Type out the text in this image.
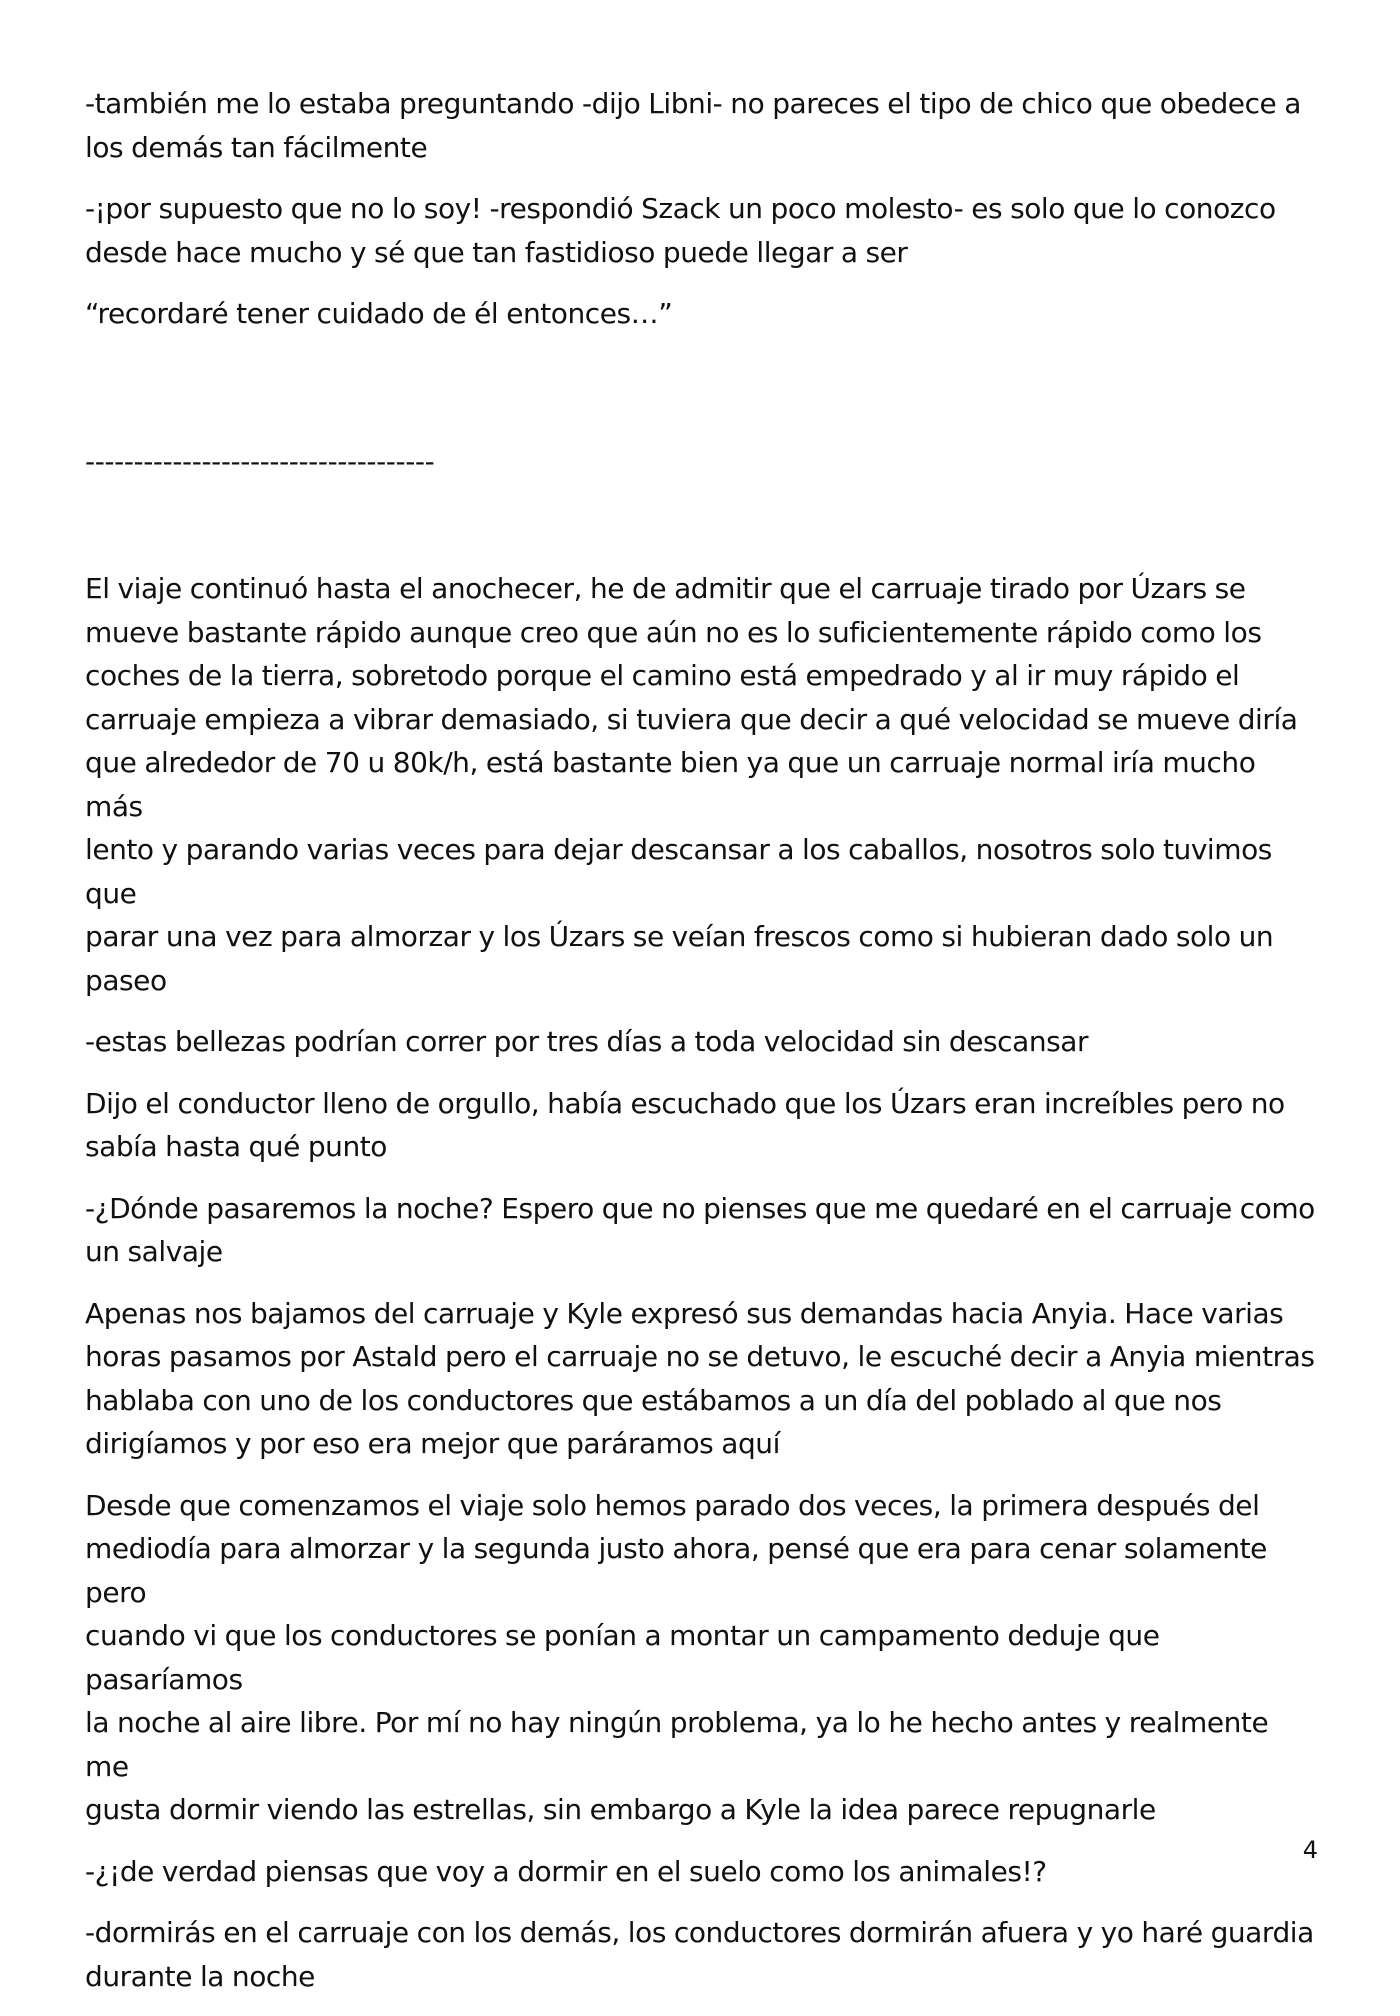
-también me lo estaba preguntando -dijo Libni- no pareces el tipo de chico que obedece a
los demás tan fácilmente

-¡por supuesto que no lo soy! -respondió Szack un poco molesto- es solo que lo conozco
desde hace mucho y sé que tan fastidioso puede llegar a ser

“recordaré tener cuidado de él entonces…”

------------------------------------

El viaje continuó hasta el anochecer, he de admitir que el carruaje tirado por Úzars se
mueve bastante rápido aunque creo que aún no es lo suficientemente rápido como los
coches de la tierra, sobretodo porque el camino está empedrado y al ir muy rápido el
carruaje empieza a vibrar demasiado, si tuviera que decir a qué velocidad se mueve diría
que alrededor de 70 u 80k/h, está bastante bien ya que un carruaje normal iría mucho más
lento y parando varias veces para dejar descansar a los caballos, nosotros solo tuvimos que
parar una vez para almorzar y los Úzars se veían frescos como si hubieran dado solo un
paseo

-estas bellezas podrían correr por tres días a toda velocidad sin descansar

Dijo el conductor lleno de orgullo, había escuchado que los Úzars eran increíbles pero no
sabía hasta qué punto

-¿Dónde pasaremos la noche? Espero que no pienses que me quedaré en el carruaje como
un salvaje

Apenas nos bajamos del carruaje y Kyle expresó sus demandas hacia Anyia. Hace varias
horas pasamos por Astald pero el carruaje no se detuvo, le escuché decir a Anyia mientras
hablaba con uno de los conductores que estábamos a un día del poblado al que nos
dirigíamos y por eso era mejor que paráramos aquí

Desde que comenzamos el viaje solo hemos parado dos veces, la primera después del
mediodía para almorzar y la segunda justo ahora, pensé que era para cenar solamente pero
cuando vi que los conductores se ponían a montar un campamento deduje que pasaríamos
la noche al aire libre. Por mí no hay ningún problema, ya lo he hecho antes y realmente me
gusta dormir viendo las estrellas, sin embargo a Kyle la idea parece repugnarle

-¿¡de verdad piensas que voy a dormir en el suelo como los animales!?

-dormirás en el carruaje con los demás, los conductores dormirán afuera y yo haré guardia
durante la noche

4
